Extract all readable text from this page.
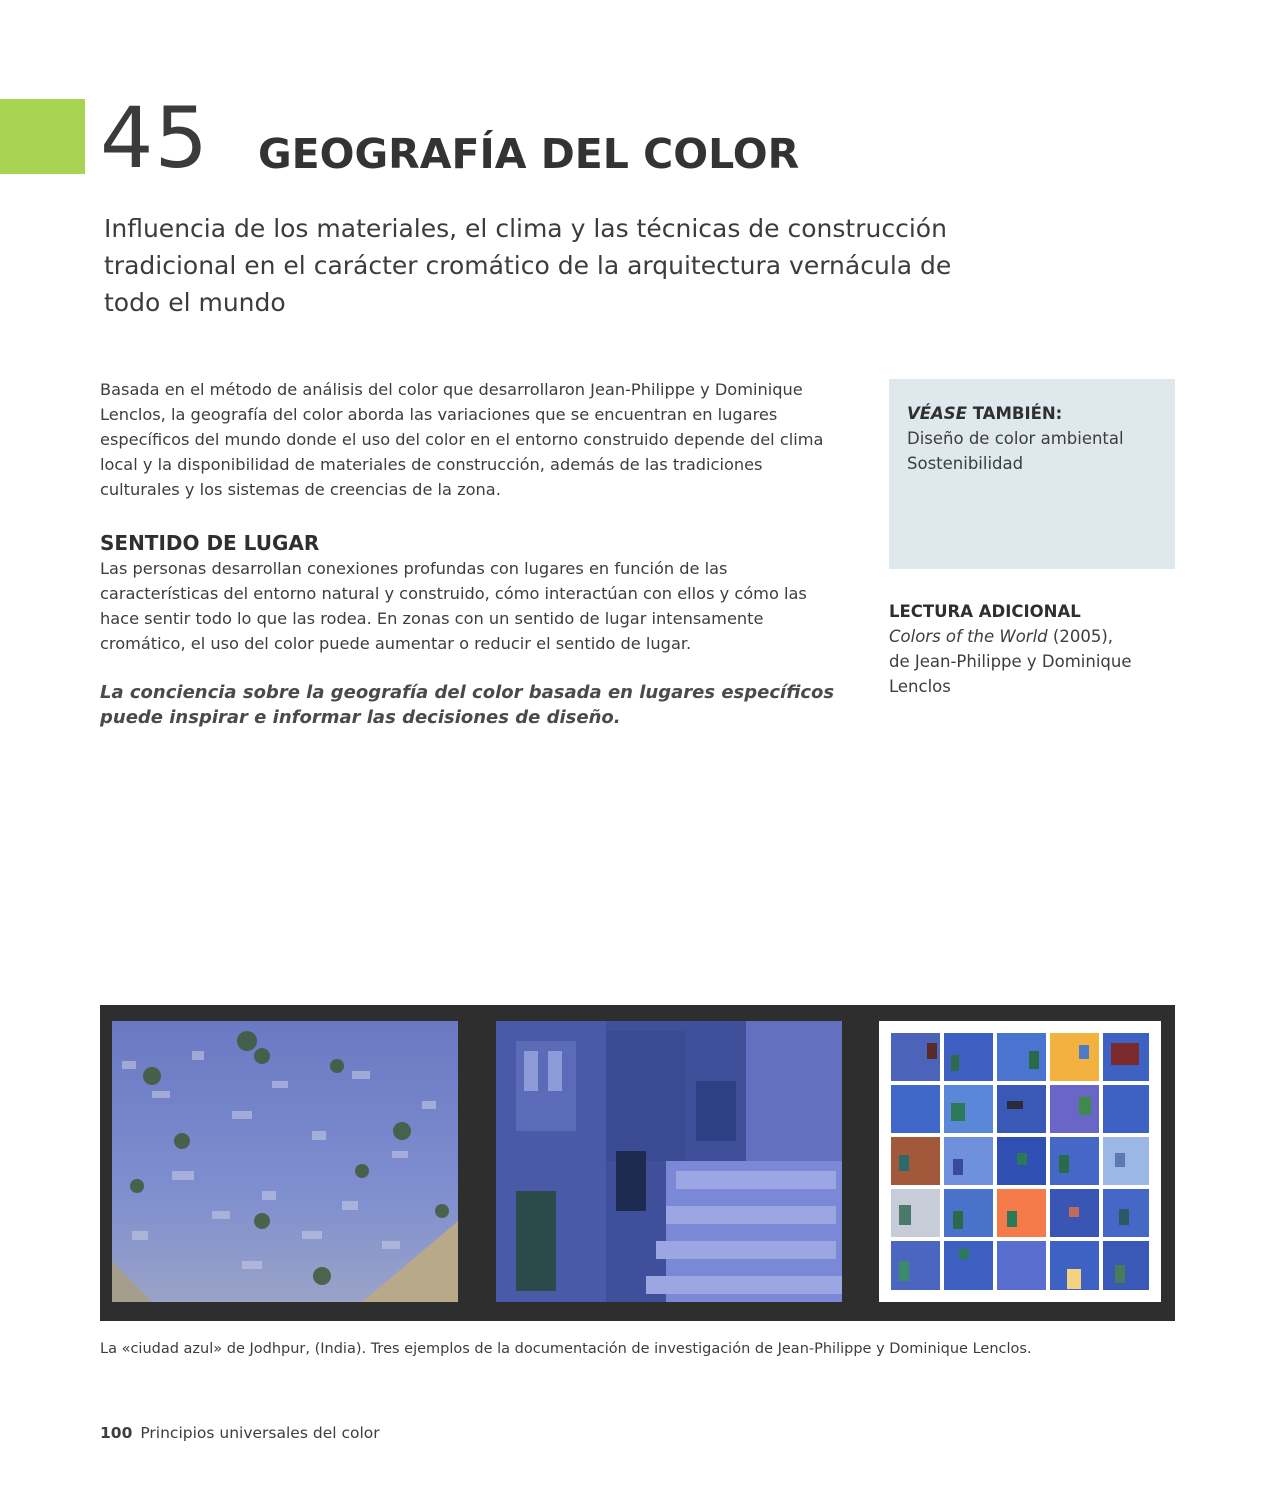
45 GEOGRAFÍA DEL COLOR
Influencia de los materiales, el clima y las técnicas de construcción tradicional en el carácter cromático de la arquitectura vernácula de todo el mundo

Basada en el método de análisis del color que desarrollaron Jean-Philippe y Dominique Lenclos, la geografía del color aborda las variaciones que se encuentran en lugares específicos del mundo donde el uso del color en el entorno construido depende del clima local y la disponibilidad de materiales de construcción, además de las tradiciones culturales y los sistemas de creencias de la zona.

SENTIDO DE LUGAR

Las personas desarrollan conexiones profundas con lugares en función de las características del entorno natural y construido, cómo interactúan con ellos y cómo las hace sentir todo lo que las rodea. En zonas con un sentido de lugar intensamente cromático, el uso del color puede aumentar o reducir el sentido de lugar.

La conciencia sobre la geografía del color basada en lugares específicos puede inspirar e informar las decisiones de diseño.

VÉASE TAMBIÉN:
Diseño de color ambiental
Sostenibilidad
LECTURA ADICIONAL
Colors of the World (2005),
de Jean-Philippe y Dominique Lenclos
La «ciudad azul» de Jodhpur, (India). Tres ejemplos de la documentación de investigación de Jean-Philippe y Dominique Lenclos.
100 Principios universales del color
